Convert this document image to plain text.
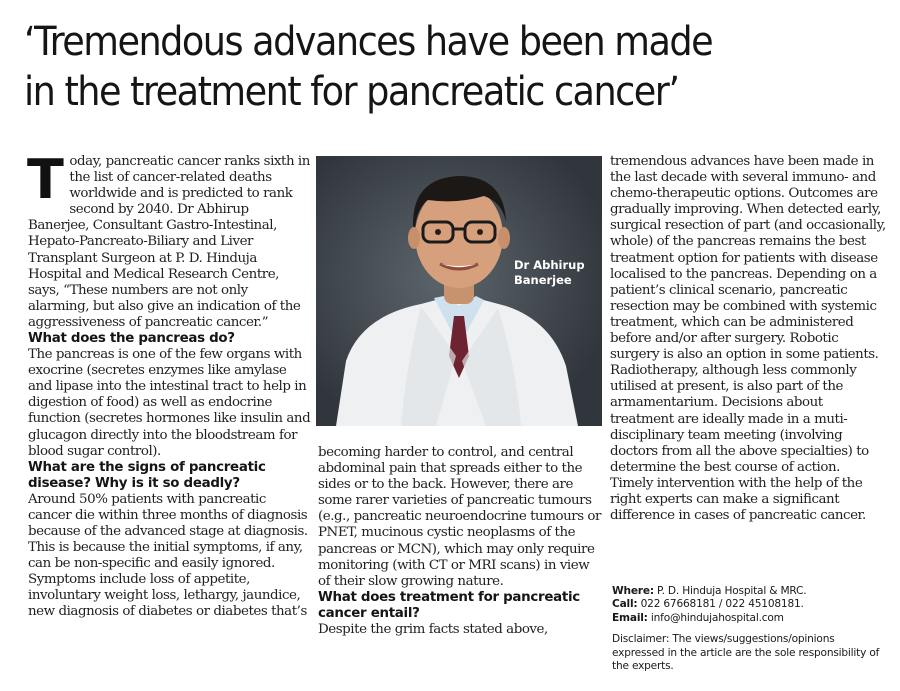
‘Tremendous advances have been made
in the treatment for pancreatic cancer’

Today, pancreatic cancer ranks sixth in the list of cancer-related deaths worldwide and is predicted to rank second by 2040. Dr Abhirup Banerjee, Consultant Gastro-Intestinal, Hepato-Pancreato-Biliary and Liver Transplant Surgeon at P. D. Hinduja Hospital and Medical Research Centre, says, “These numbers are not only alarming, but also give an indication of the aggressiveness of pancreatic cancer.”

What does the pancreas do?

The pancreas is one of the few organs with exocrine (secretes enzymes like amylase and lipase into the intestinal tract to help in digestion of food) as well as endocrine function (secretes hormones like insulin and glucagon directly into the bloodstream for blood sugar control).

What are the signs of pancreatic disease? Why is it so deadly?

Around 50% patients with pancreatic cancer die within three months of diagnosis because of the advanced stage at diagnosis. This is because the initial symptoms, if any, can be non-specific and easily ignored. Symptoms include loss of appetite, involuntary weight loss, lethargy, jaundice, new diagnosis of diabetes or diabetes that’s

Dr Abhirup
Banerjee

becoming harder to control, and central abdominal pain that spreads either to the sides or to the back. However, there are some rarer varieties of pancreatic tumours (e.g., pancreatic neuroendocrine tumours or PNET, mucinous cystic neoplasms of the pancreas or MCN), which may only require monitoring (with CT or MRI scans) in view of their slow growing nature.

What does treatment for pancreatic cancer entail?

Despite the grim facts stated above,

tremendous advances have been made in the last decade with several immuno- and chemo-therapeutic options. Outcomes are gradually improving. When detected early, surgical resection of part (and occasionally, whole) of the pancreas remains the best treatment option for patients with disease localised to the pancreas. Depending on a patient’s clinical scenario, pancreatic resection may be combined with systemic treatment, which can be administered before and/or after surgery. Robotic surgery is also an option in some patients. Radiotherapy, although less commonly utilised at present, is also part of the armamentarium. Decisions about treatment are ideally made in a muti-disciplinary team meeting (involving doctors from all the above specialties) to determine the best course of action. Timely intervention with the help of the right experts can make a significant difference in cases of pancreatic cancer.

Where: P. D. Hinduja Hospital & MRC.
Call: 022 67668181 / 022 45108181.
Email: info@hindujahospital.com

Disclaimer: The views/suggestions/opinions expressed in the article are the sole responsibility of the experts.
